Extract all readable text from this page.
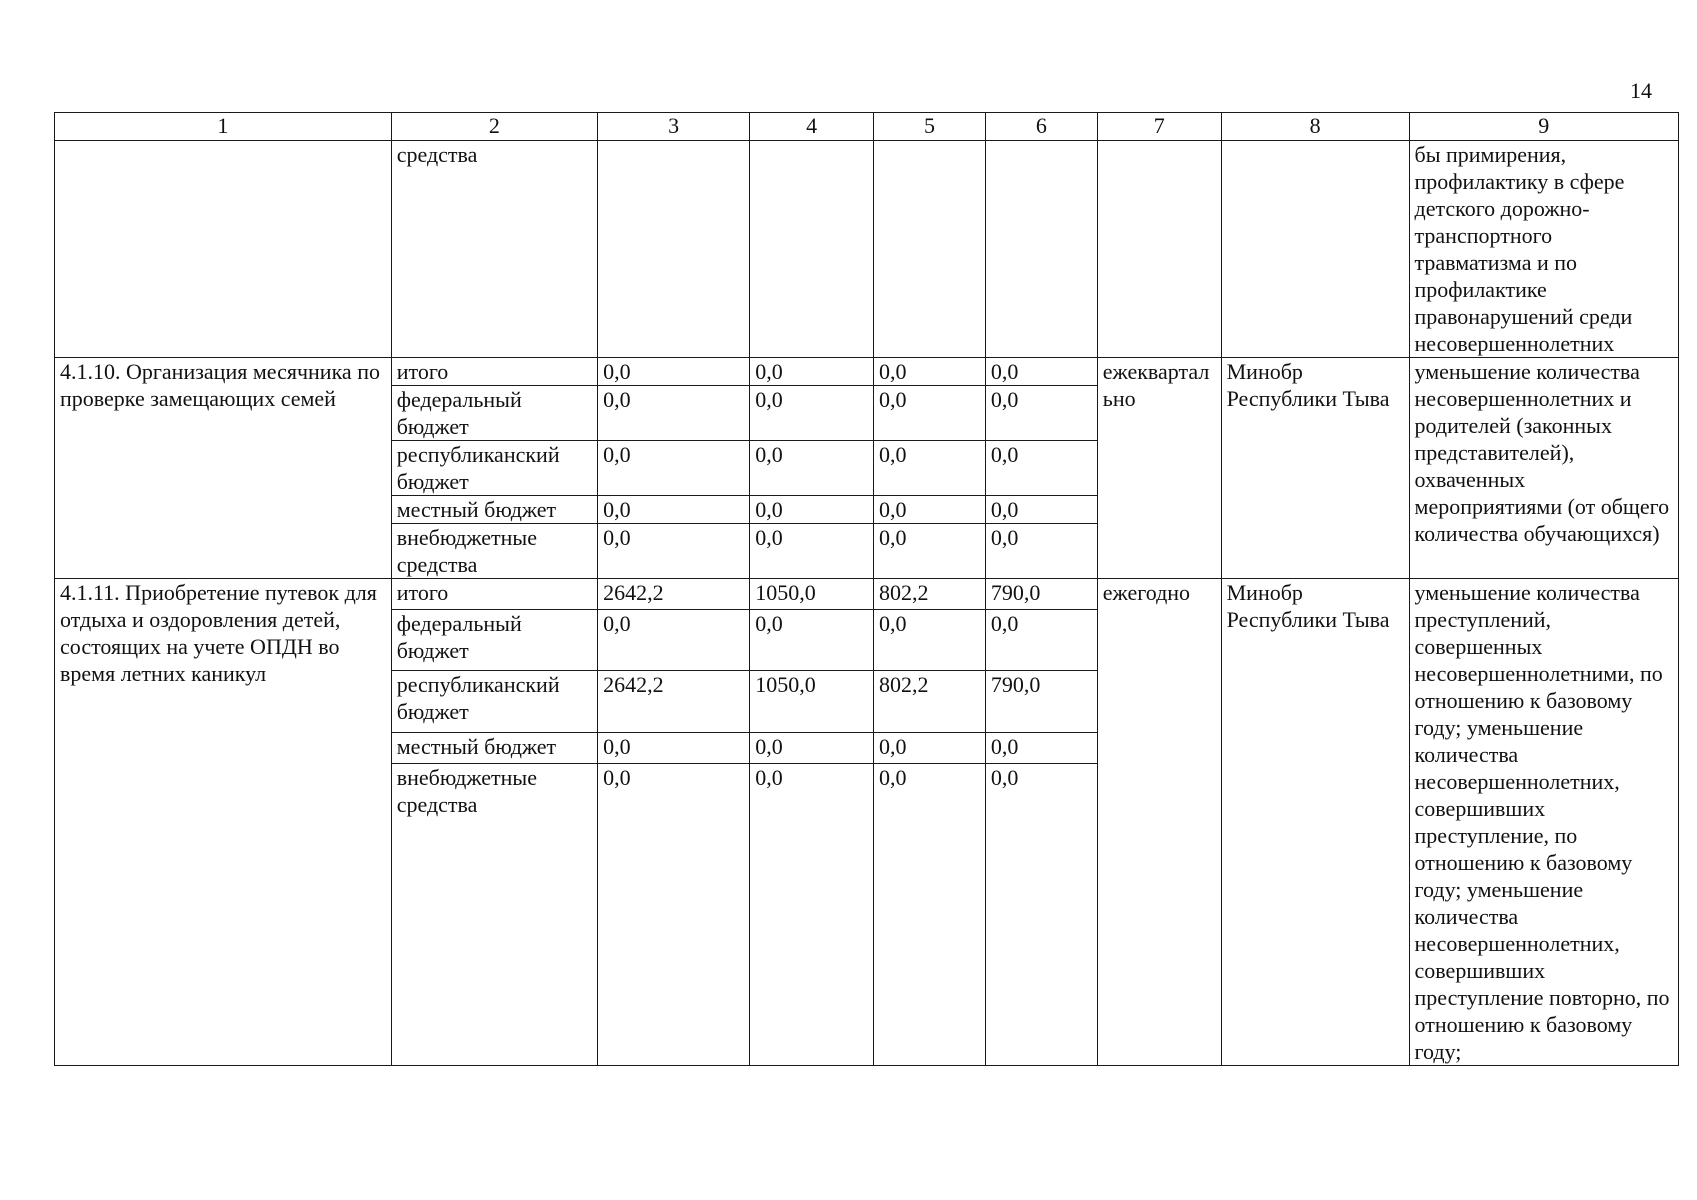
14
1	2	3	4	5	6	7	8	9
	средства							бы примирения, профилактику в сфере детского дорожно-транспортного травматизма и по профилактике правонарушений среди несовершеннолетних
4.1.10. Организация месячника по проверке замещающих семей	итого	0,0	0,0	0,0	0,0	ежеквартально	Минобр Республики Тыва	уменьшение количества несовершеннолетних и родителей (законных представителей), охваченных мероприятиями (от общего количества обучающихся)
	федеральный бюджет	0,0	0,0	0,0	0,0			
	республиканский бюджет	0,0	0,0	0,0	0,0			
	местный бюджет	0,0	0,0	0,0	0,0			
	внебюджетные средства	0,0	0,0	0,0	0,0			
4.1.11. Приобретение путевок для отдыха и оздоровления детей, состоящих на учете ОПДН во время летних каникул	итого	2642,2	1050,0	802,2	790,0	ежегодно	Минобр Республики Тыва	уменьшение количества преступлений, совершенных несовершеннолетними, по отношению к базовому году; уменьшение количества несовершеннолетних, совершивших преступление, по отношению к базовому году; уменьшение количества несовершеннолетних, совершивших преступление повторно, по отношению к базовому году;
	федеральный бюджет	0,0	0,0	0,0	0,0			
	республиканский бюджет	2642,2	1050,0	802,2	790,0			
	местный бюджет	0,0	0,0	0,0	0,0			
	внебюджетные средства	0,0	0,0	0,0	0,0			
